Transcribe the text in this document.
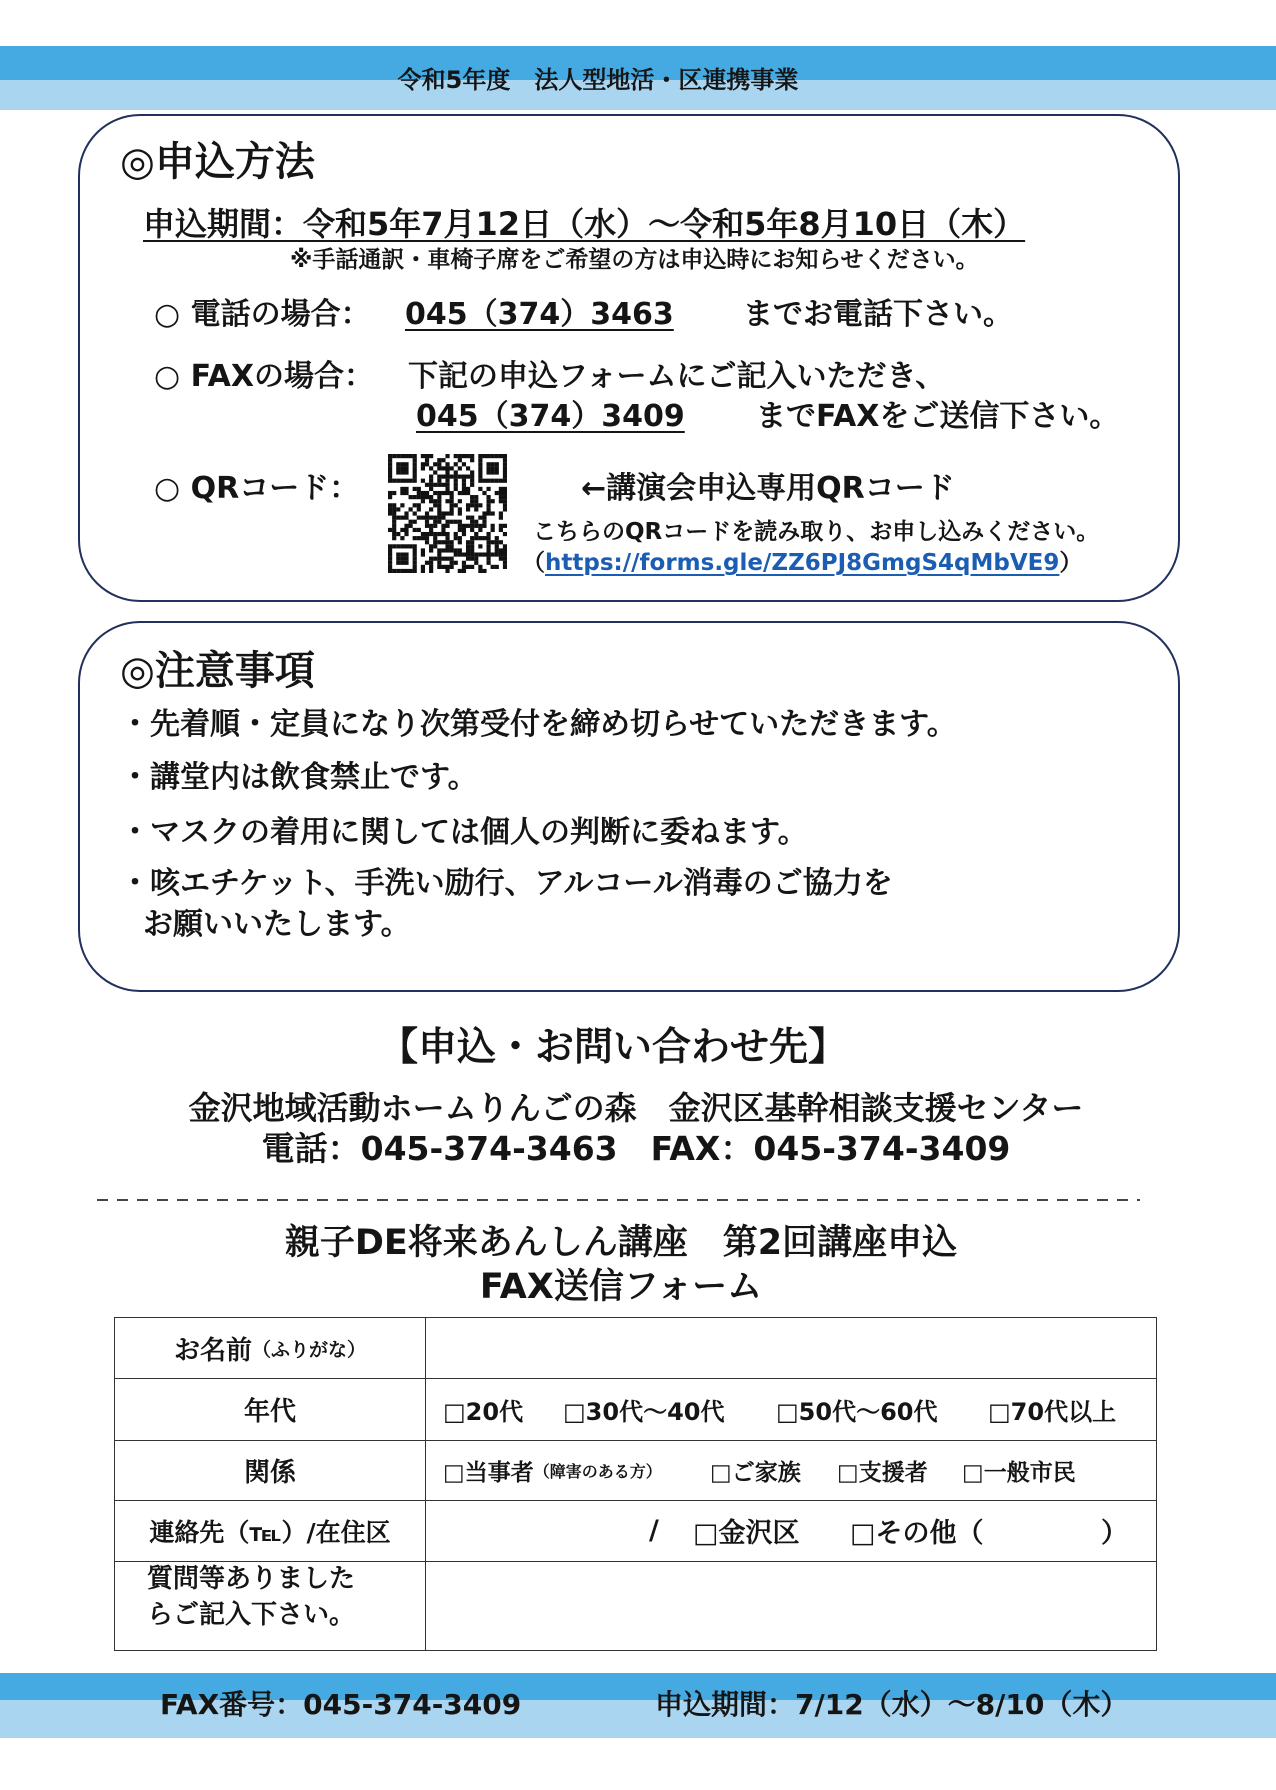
令和5年度　法人型地活・区連携事業
◎申込方法
申込期間：令和5年7月12日（水）～令和5年8月10日（木）
※手話通訳・車椅子席をご希望の方は申込時にお知らせください。
○ 電話の場合： 045（374）3463 までお電話下さい。
○ FAXの場合： 下記の申込フォームにご記入いただき、
045（374）3409 までFAXをご送信下さい。
○ QRコード：	←講演会申込専用QRコード
こちらのQRコードを読み取り、お申し込みください。
（https://forms.gle/ZZ6PJ8GmgS4qMbVE9）
◎注意事項
・先着順・定員になり次第受付を締め切らせていただきます。
・講堂内は飲食禁止です。
・マスクの着用に関しては個人の判断に委ねます。
・咳エチケット、手洗い励行、アルコール消毒のご協力を
お願いいたします。
【申込・お問い合わせ先】
金沢地域活動ホームりんごの森　金沢区基幹相談支援センター
電話：045-374-3463　FAX：045-374-3409
親子DE将来あんしん講座　第2回講座申込
FAX送信フォーム
お名前 （ふりがな）
年代	□20代 □30代～40代 □50代～60代 □70代以上
関係	□当事者 （障害のある方） □ご家族 □支援者 □一般市民
連絡先（℡）/在住区	/ □金沢区 □その他（	）
質問等ありました
らご記入下さい。
FAX番号：045-374-3409	申込期間：7/12（水）～8/10（木）
